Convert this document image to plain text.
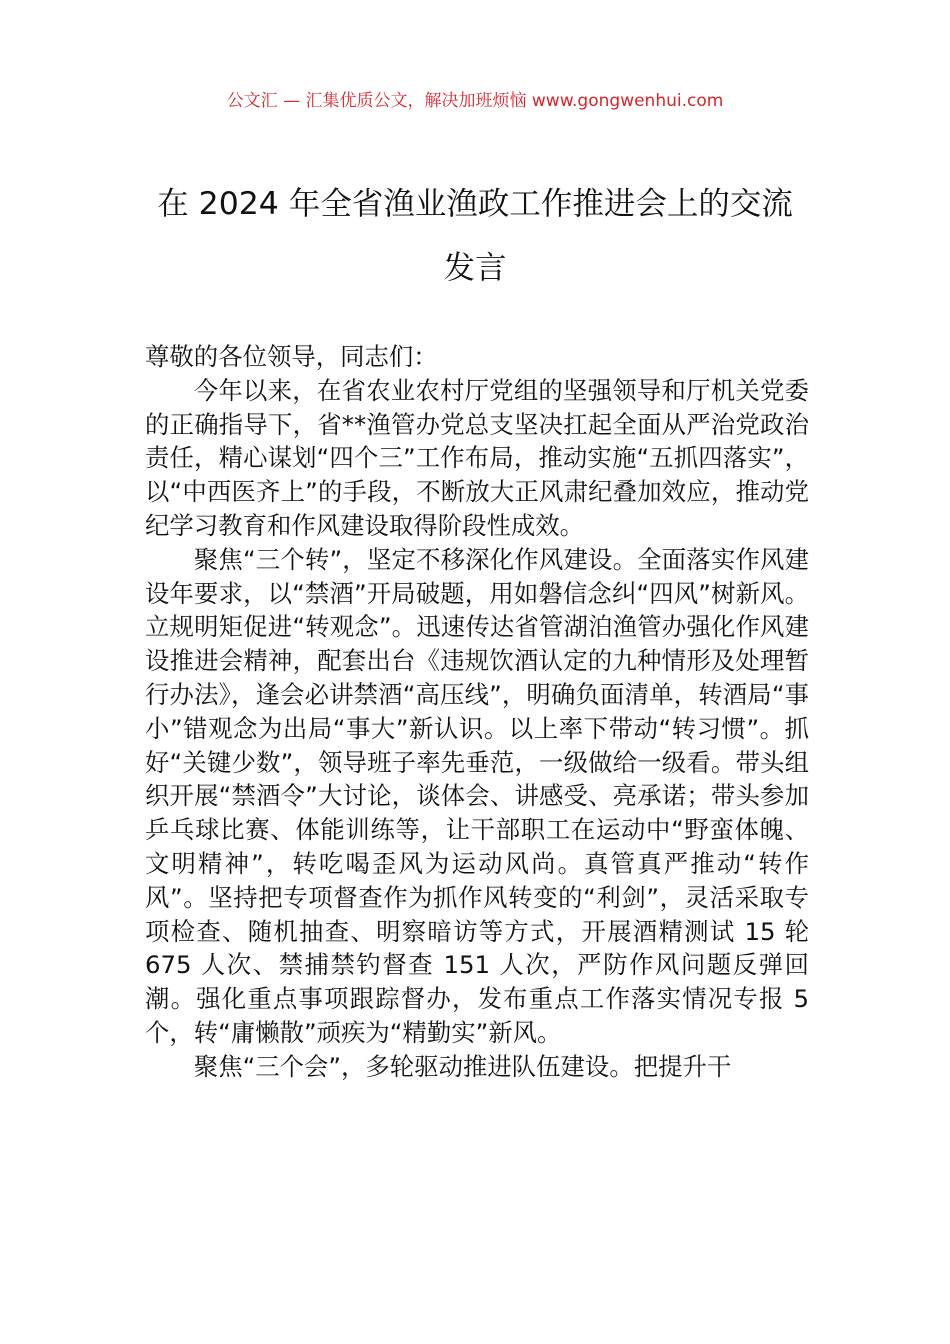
公文汇 — 汇集优质公文，解决加班烦恼 www.gongwenhui.com
在 2024 年全省渔业渔政工作推进会上的交流发言

尊敬的各位领导，同志们：

今年以来，在省农业农村厅党组的坚强领导和厅机关党委的正确指导下，省**渔管办党总支坚决扛起全面从严治党政治责任，精心谋划“四个三”工作布局，推动实施“五抓四落实”，以“中西医齐上”的手段，不断放大正风肃纪叠加效应，推动党纪学习教育和作风建设取得阶段性成效。

聚焦“三个转”，坚定不移深化作风建设。全面落实作风建设年要求，以“禁酒”开局破题，用如磐信念纠“四风”树新风。立规明矩促进“转观念”。迅速传达省管湖泊渔管办强化作风建设推进会精神，配套出台《违规饮酒认定的九种情形及处理暂行办法》，逢会必讲禁酒“高压线”，明确负面清单，转酒局“事小”错观念为出局“事大”新认识。以上率下带动“转习惯”。抓好“关键少数”，领导班子率先垂范，一级做给一级看。带头组织开展“禁酒令”大讨论，谈体会、讲感受、亮承诺；带头参加乒乓球比赛、体能训练等，让干部职工在运动中“野蛮体魄、文明精神”，转吃喝歪风为运动风尚。真管真严推动“转作风”。坚持把专项督查作为抓作风转变的“利剑”，灵活采取专项检查、随机抽查、明察暗访等方式，开展酒精测试 15 轮 675 人次、禁捕禁钓督查 151 人次，严防作风问题反弹回潮。强化重点事项跟踪督办，发布重点工作落实情况专报 5 个，转“庸懒散”顽疾为“精勤实”新风。

聚焦“三个会”，多轮驱动推进队伍建设。把提升干
